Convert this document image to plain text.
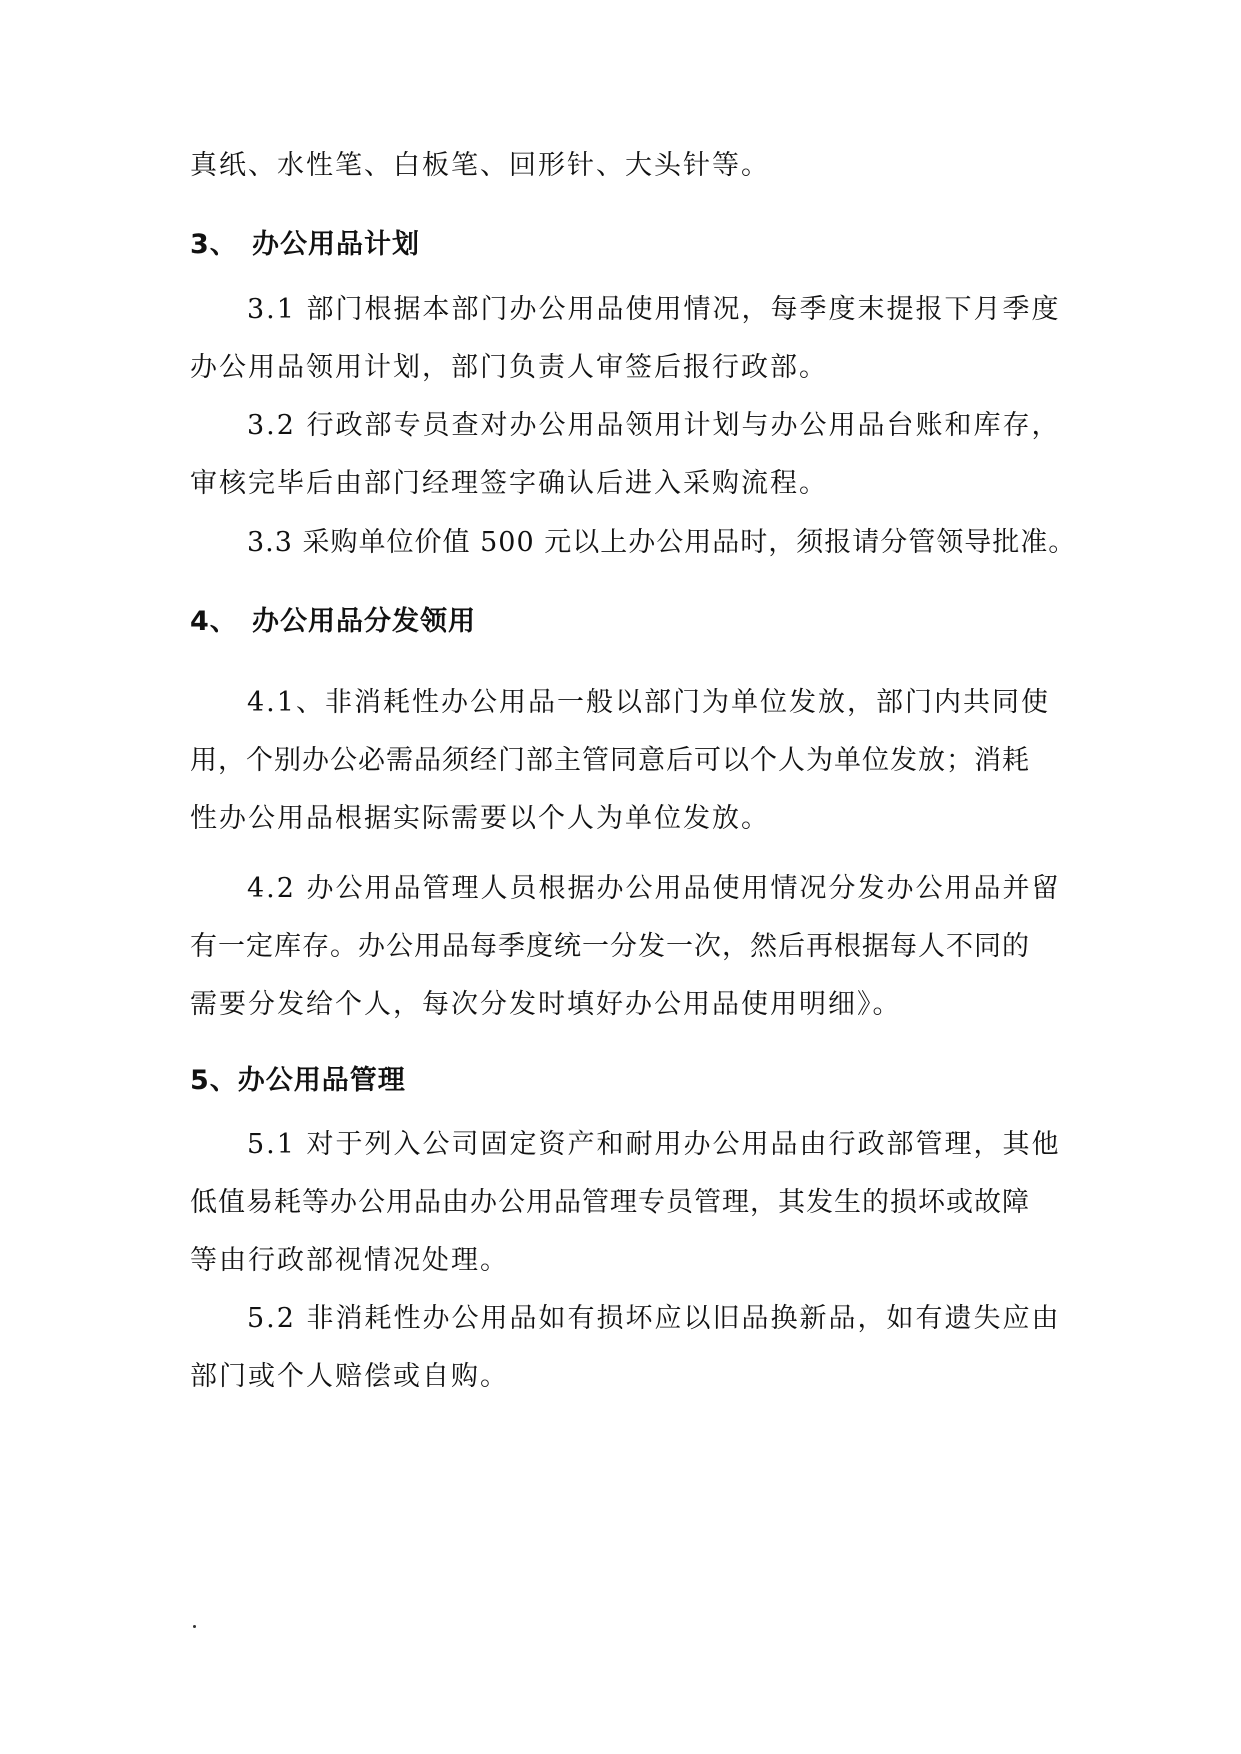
真纸、水性笔、白板笔、回形针、大头针等。
3、 办公用品计划
3.1 部门根据本部门办公用品使用情况，每季度末提报下月季度
办公用品领用计划，部门负责人审签后报行政部。
3.2 行政部专员查对办公用品领用计划与办公用品台账和库存，
审核完毕后由部门经理签字确认后进入采购流程。
3.3 采购单位价值 500 元以上办公用品时，须报请分管领导批准。
4、 办公用品分发领用
4.1、非消耗性办公用品一般以部门为单位发放，部门内共同使
用，个别办公必需品须经门部主管同意后可以个人为单位发放；消耗
性办公用品根据实际需要以个人为单位发放。
4.2 办公用品管理人员根据办公用品使用情况分发办公用品并留
有一定库存。办公用品每季度统一分发一次，然后再根据每人不同的
需要分发给个人，每次分发时填好办公用品使用明细》。
5、办公用品管理
5.1 对于列入公司固定资产和耐用办公用品由行政部管理，其他
低值易耗等办公用品由办公用品管理专员管理，其发生的损坏或故障
等由行政部视情况处理。
5.2 非消耗性办公用品如有损坏应以旧品换新品，如有遗失应由
部门或个人赔偿或自购。
